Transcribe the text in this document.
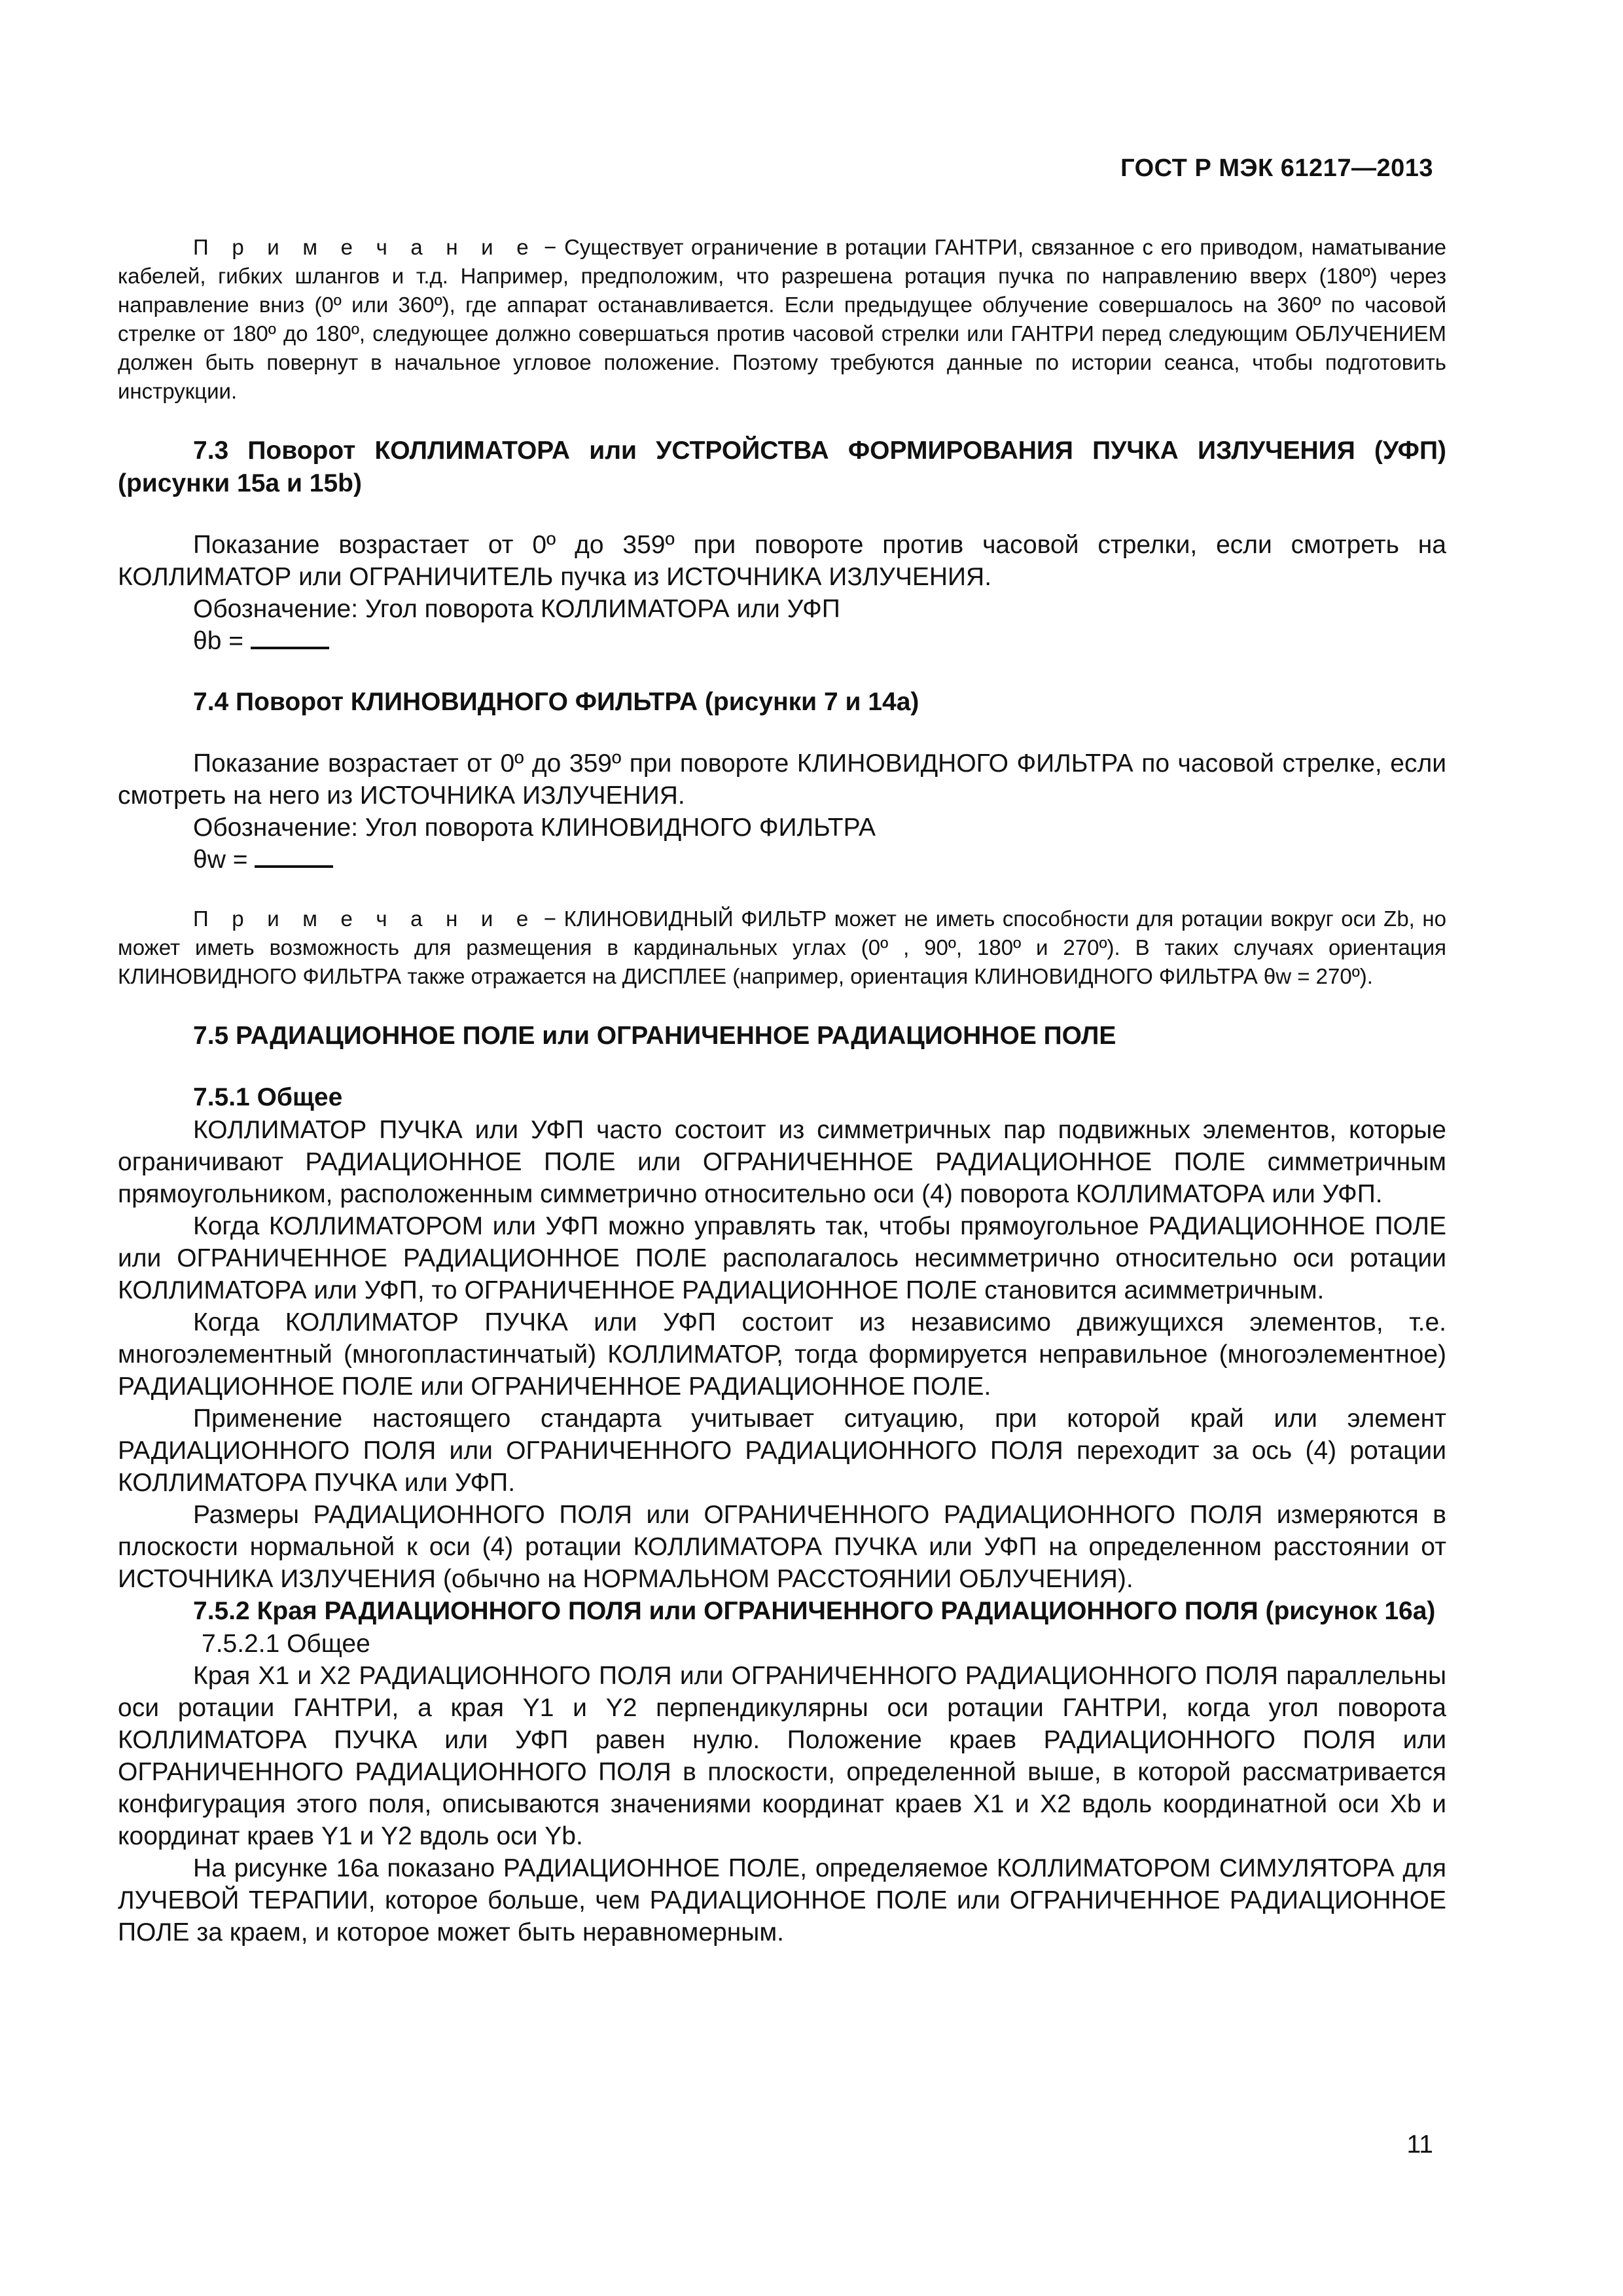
ГОСТ Р МЭК 61217—2013

П р и м е ч а н и е − Существует ограничение в ротации ГАНТРИ, связанное с его приводом, наматывание кабелей, гибких шлангов и т.д. Например, предположим, что разрешена ротация пучка по направлению вверх (180º) через направление вниз (0º или 360º), где аппарат останавливается. Если предыдущее облучение совершалось на 360º по часовой стрелке от 180º до 180º, следующее должно совершаться против часовой стрелки или ГАНТРИ перед следующим ОБЛУЧЕНИЕМ должен быть повернут в начальное угловое положение. Поэтому требуются данные по истории сеанса, чтобы подготовить инструкции.

7.3 Поворот КОЛЛИМАТОРА или УСТРОЙСТВА ФОРМИРОВАНИЯ ПУЧКА ИЗЛУЧЕНИЯ (УФП) (рисунки 15a и 15b)

Показание возрастает от 0º до 359º при повороте против часовой стрелки, если смотреть на КОЛЛИМАТОР или ОГРАНИЧИТЕЛЬ пучка из ИСТОЧНИКА ИЗЛУЧЕНИЯ.

Обозначение: Угол поворота КОЛЛИМАТОРА или УФП

θb =

7.4 Поворот КЛИНОВИДНОГО ФИЛЬТРА (рисунки 7 и 14a)

Показание возрастает от 0º до 359º при повороте КЛИНОВИДНОГО ФИЛЬТРА по часовой стрелке, если смотреть на него из ИСТОЧНИКА ИЗЛУЧЕНИЯ.

Обозначение: Угол поворота КЛИНОВИДНОГО ФИЛЬТРА

θw =

П р и м е ч а н и е − КЛИНОВИДНЫЙ ФИЛЬТР может не иметь способности для ротации вокруг оси Zb, но может иметь возможность для размещения в кардинальных углах (0º , 90º, 180º и 270º). В таких случаях ориентация КЛИНОВИДНОГО ФИЛЬТРА также отражается на ДИСПЛЕЕ (например, ориентация КЛИНОВИДНОГО ФИЛЬТРА θw = 270º).

7.5 РАДИАЦИОННОЕ ПОЛЕ или ОГРАНИЧЕННОЕ РАДИАЦИОННОЕ ПОЛЕ

7.5.1 Общее

КОЛЛИМАТОР ПУЧКА или УФП часто состоит из симметричных пар подвижных элементов, которые ограничивают РАДИАЦИОННОЕ ПОЛЕ или ОГРАНИЧЕННОЕ РАДИАЦИОННОЕ ПОЛЕ симметричным прямоугольником, расположенным симметрично относительно оси (4) поворота КОЛЛИМАТОРА или УФП.

Когда КОЛЛИМАТОРОМ или УФП можно управлять так, чтобы прямоугольное РАДИАЦИОННОЕ ПОЛЕ или ОГРАНИЧЕННОЕ РАДИАЦИОННОЕ ПОЛЕ располагалось несимметрично относительно оси ротации КОЛЛИМАТОРА или УФП, то ОГРАНИЧЕННОЕ РАДИАЦИОННОЕ ПОЛЕ становится асимметричным.

Когда КОЛЛИМАТОР ПУЧКА или УФП состоит из независимо движущихся элементов, т.е. многоэлементный (многопластинчатый) КОЛЛИМАТОР, тогда формируется неправильное (многоэлементное) РАДИАЦИОННОЕ ПОЛЕ или ОГРАНИЧЕННОЕ РАДИАЦИОННОЕ ПОЛЕ.

Применение настоящего стандарта учитывает ситуацию, при которой край или элемент РАДИАЦИОННОГО ПОЛЯ или ОГРАНИЧЕННОГО РАДИАЦИОННОГО ПОЛЯ переходит за ось (4) ротации КОЛЛИМАТОРА ПУЧКА или УФП.

Размеры РАДИАЦИОННОГО ПОЛЯ или ОГРАНИЧЕННОГО РАДИАЦИОННОГО ПОЛЯ измеряются в плоскости нормальной к оси (4) ротации КОЛЛИМАТОРА ПУЧКА или УФП на определенном расстоянии от ИСТОЧНИКА ИЗЛУЧЕНИЯ (обычно на НОРМАЛЬНОМ РАССТОЯНИИ ОБЛУЧЕНИЯ).

7.5.2 Края РАДИАЦИОННОГО ПОЛЯ или ОГРАНИЧЕННОГО РАДИАЦИОННОГО ПОЛЯ (рисунок 16a)

7.5.2.1 Общее

Края X1 и X2 РАДИАЦИОННОГО ПОЛЯ или ОГРАНИЧЕННОГО РАДИАЦИОННОГО ПОЛЯ параллельны оси ротации ГАНТРИ, а края Y1 и Y2 перпендикулярны оси ротации ГАНТРИ, когда угол поворота КОЛЛИМАТОРА ПУЧКА или УФП равен нулю. Положение краев РАДИАЦИОННОГО ПОЛЯ или ОГРАНИЧЕННОГО РАДИАЦИОННОГО ПОЛЯ в плоскости, определенной выше, в которой рассматривается конфигурация этого поля, описываются значениями координат краев X1 и X2 вдоль координатной оси Xb и координат краев Y1 и Y2 вдоль оси Yb.

На рисунке 16a показано РАДИАЦИОННОЕ ПОЛЕ, определяемое КОЛЛИМАТОРОМ СИМУЛЯТОРА для ЛУЧЕВОЙ ТЕРАПИИ, которое больше, чем РАДИАЦИОННОЕ ПОЛЕ или ОГРАНИЧЕННОЕ РАДИАЦИОННОЕ ПОЛЕ за краем, и которое может быть неравномерным.

11
